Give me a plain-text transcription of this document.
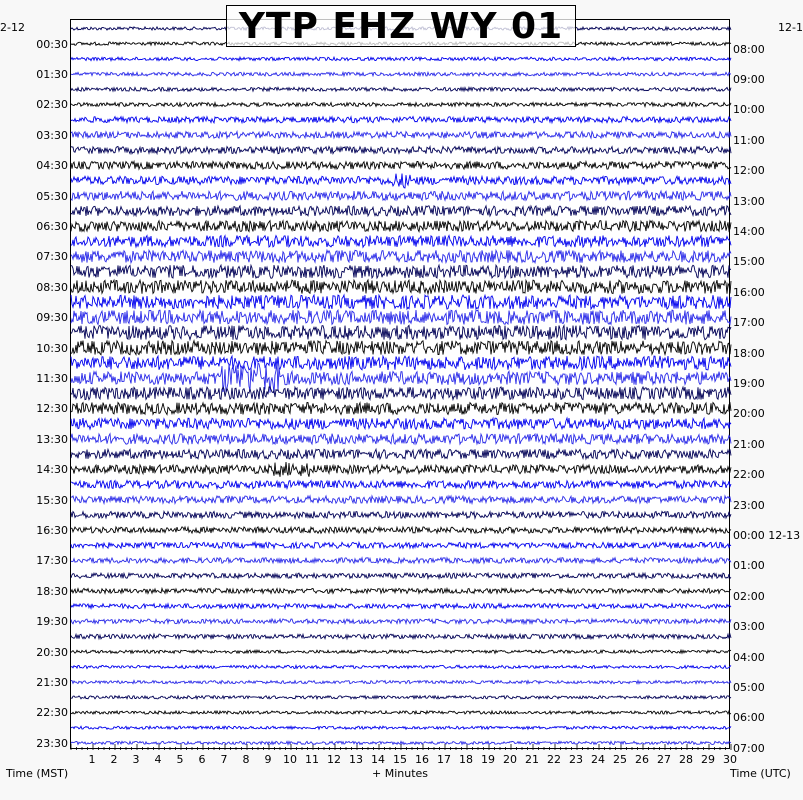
YTP EHZ WY 01
2-12	12-1
00:30
01:30
02:30
03:30
04:30
05:30
06:30
07:30
08:30
09:30
10:30
11:30
12:30
13:30
14:30
15:30
16:30
17:30
18:30
19:30
20:30
21:30
22:30
23:30
08:00
09:00
10:00
11:00
12:00
13:00
14:00
15:00
16:00
17:00
18:00
19:00
20:00
21:00
22:00
23:00
00:00 12-13
01:00
02:00
03:00
04:00
05:00
06:00
07:00
1	2	3	4	5	6	7	8	9	10 11 12 13 14 15 16 17 18 19 20 21 22 23 24 25 26 27 28 29 30
Time (MST)	+ Minutes	Time (UTC)
